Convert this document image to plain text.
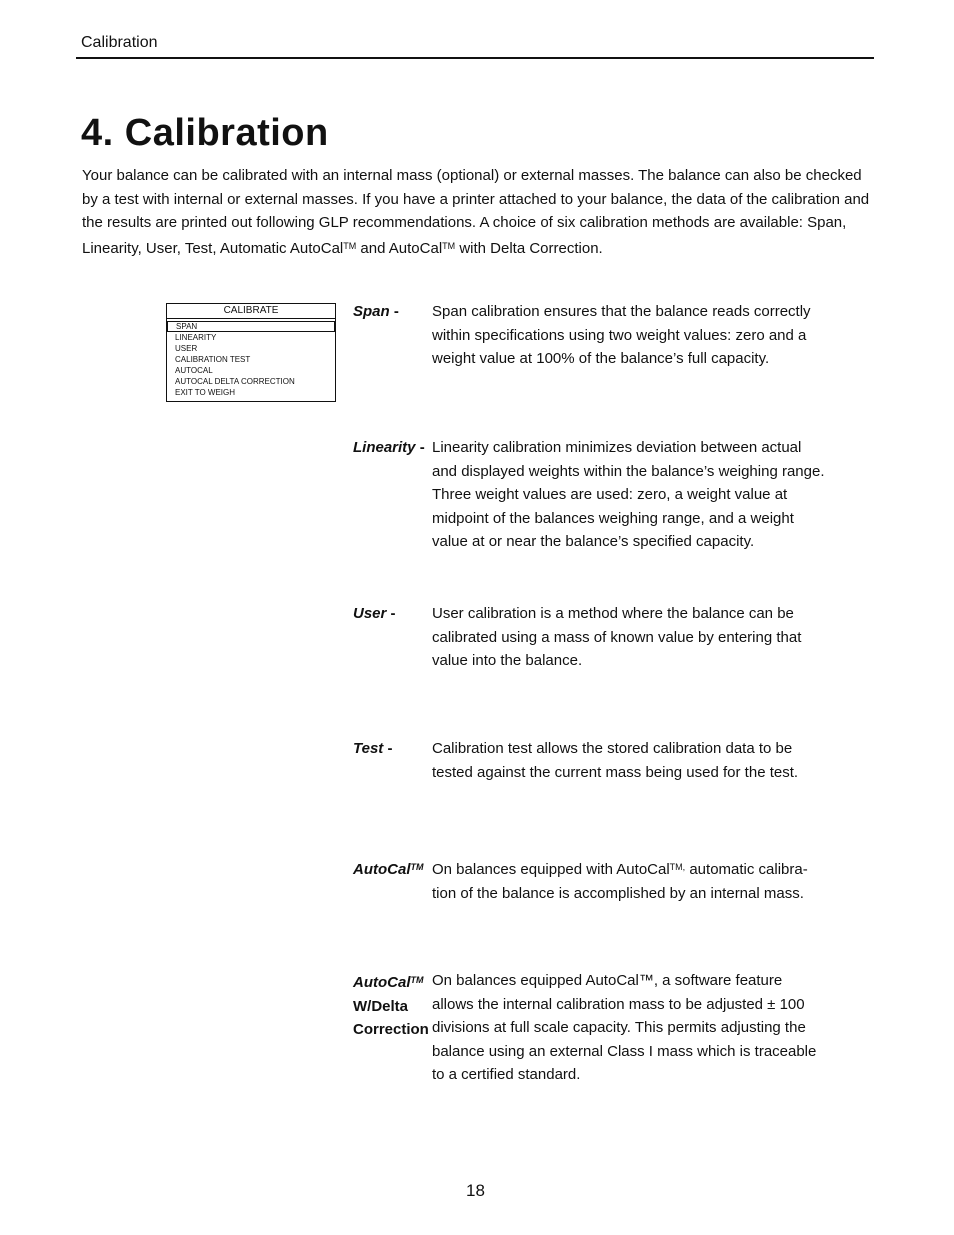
Calibration
4. Calibration

Your balance can be calibrated with an internal mass (optional) or external masses. The balance can also be checked by a test with internal or external masses. If you have a printer attached to your balance, the data of the calibration and the results are printed out following GLP recommendations. A choice of six calibration methods are available: Span, Linearity, User, Test, Automatic AutoCal™ and AutoCal™ with Delta Correction.

CALIBRATE
SPAN
LINEARITY
USER
CALIBRATION TEST
AUTOCAL
AUTOCAL DELTA CORRECTION
EXIT TO WEIGH
Span -	Span calibration ensures that the balance reads correctly within specifications using two weight values: zero and a weight value at 100% of the balance’s full capacity.

Linearity - Linearity calibration minimizes deviation between actual and displayed weights within the balance’s weighing range. Three weight values are used: zero, a weight value at midpoint of the balances weighing range, and a weight value at or near the balance’s specified capacity.

User -	User calibration is a method where the balance can be calibrated using a mass of known value by entering that value into the balance.

Test -	Calibration test allows the stored calibration data to be tested against the current mass being used for the test.

AutoCal™ On balances equipped with AutoCal$^{TM,}$ automatic calibra-tion of the balance is accomplished by an internal mass.

AutoCal™
W/Delta
Correction

On balances equipped AutoCal™, a software feature allows the internal calibration mass to be adjusted ± 100 divisions at full scale capacity. This permits adjusting the balance using an external Class I mass which is traceable to a certified standard.

18
